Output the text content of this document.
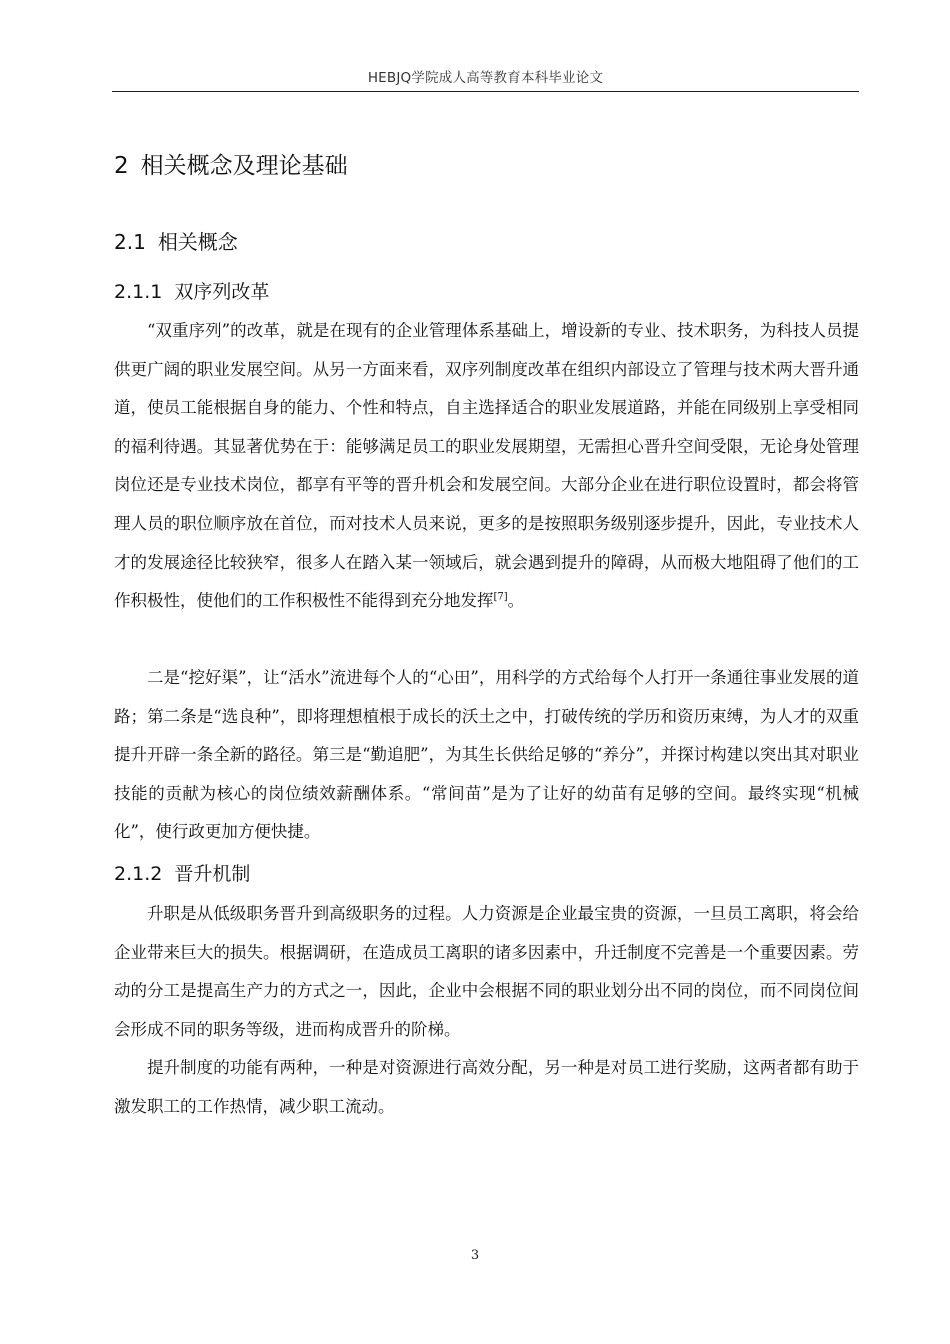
HEBJQ学院成人高等教育本科毕业论文
2 相关概念及理论基础
2.1 相关概念
2.1.1 双序列改革

“双重序列”的改革，就是在现有的企业管理体系基础上，增设新的专业、技术职务，为科技人员提供更广阔的职业发展空间。从另一方面来看，双序列制度改革在组织内部设立了管理与技术两大晋升通道，使员工能根据自身的能力、个性和特点，自主选择适合的职业发展道路，并能在同级别上享受相同的福利待遇。其显著优势在于：能够满足员工的职业发展期望，无需担心晋升空间受限，无论身处管理岗位还是专业技术岗位，都享有平等的晋升机会和发展空间。大部分企业在进行职位设置时，都会将管理人员的职位顺序放在首位，而对技术人员来说，更多的是按照职务级别逐步提升，因此，专业技术人才的发展途径比较狭窄，很多人在踏入某一领域后，就会遇到提升的障碍，从而极大地阻碍了他们的工作积极性，使他们的工作积极性不能得到充分地发挥[7]。

二是“挖好渠”，让“活水”流进每个人的“心田”，用科学的方式给每个人打开一条通往事业发展的道路；第二条是“选良种”，即将理想植根于成长的沃土之中，打破传统的学历和资历束缚，为人才的双重提升开辟一条全新的路径。第三是“勤追肥”，为其生长供给足够的“养分”，并探讨构建以突出其对职业技能的贡献为核心的岗位绩效薪酬体系。“常间苗”是为了让好的幼苗有足够的空间。最终实现“机械化”，使行政更加方便快捷。

2.1.2 晋升机制

升职是从低级职务晋升到高级职务的过程。人力资源是企业最宝贵的资源，一旦员工离职，将会给企业带来巨大的损失。根据调研，在造成员工离职的诸多因素中，升迁制度不完善是一个重要因素。劳动的分工是提高生产力的方式之一，因此，企业中会根据不同的职业划分出不同的岗位，而不同岗位间会形成不同的职务等级，进而构成晋升的阶梯。

提升制度的功能有两种，一种是对资源进行高效分配，另一种是对员工进行奖励，这两者都有助于激发职工的工作热情，减少职工流动。

3
